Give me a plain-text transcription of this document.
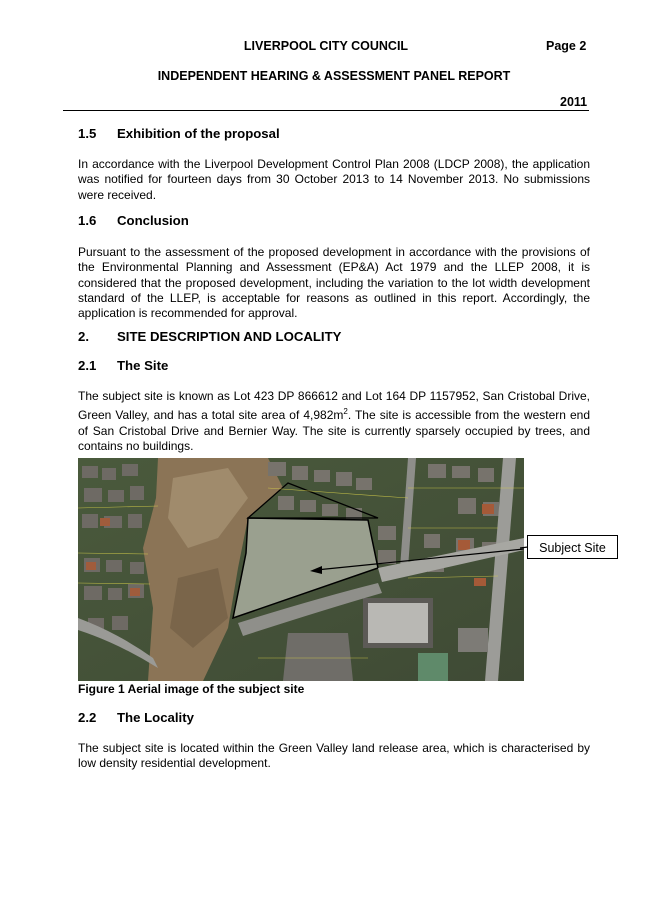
LIVERPOOL CITY COUNCIL	Page 2
INDEPENDENT HEARING & ASSESSMENT PANEL REPORT
2011
1.5 Exhibition of the proposal

In accordance with the Liverpool Development Control Plan 2008 (LDCP 2008), the application was notified for fourteen days from 30 October 2013 to 14 November 2013. No submissions were received.

1.6 Conclusion

Pursuant to the assessment of the proposed development in accordance with the provisions of the Environmental Planning and Assessment (EP&A) Act 1979 and the LLEP 2008, it is considered that the proposed development, including the variation to the lot width development standard of the LLEP, is acceptable for reasons as outlined in this report. Accordingly, the application is recommended for approval.

2. SITE DESCRIPTION AND LOCALITY
2.1 The Site

The subject site is known as Lot 423 DP 866612 and Lot 164 DP 1157952, San Cristobal Drive, Green Valley, and has a total site area of $4,982m^2$. The site is accessible from the western end of San Cristobal Drive and Bernier Way. The site is currently sparsely occupied by trees, and contains no buildings.

Subject Site
Figure 1 Aerial image of the subject site
2.2 The Locality

The subject site is located within the Green Valley land release area, which is characterised by low density residential development.
